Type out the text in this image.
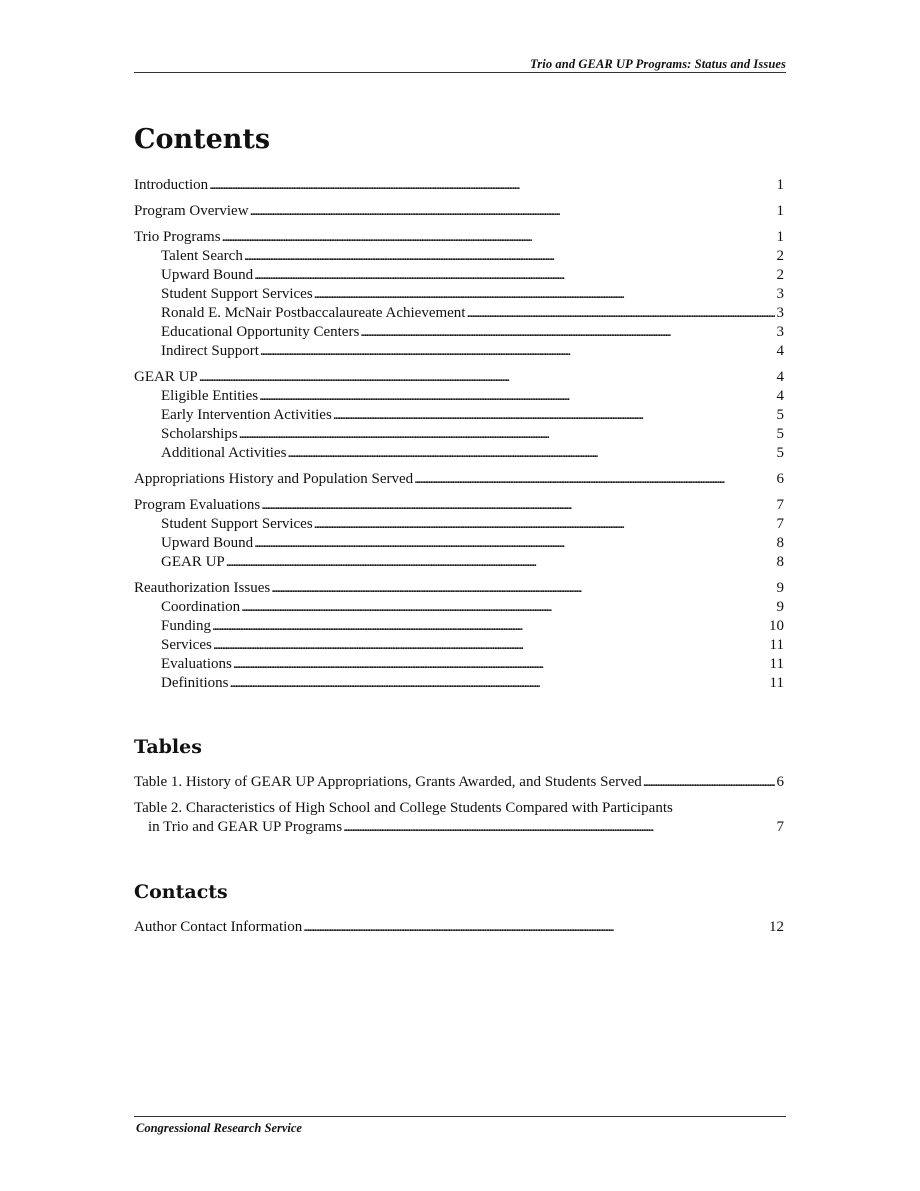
Trio and GEAR UP Programs: Status and Issues
Contents
Introduction . . .	1
Program Overview . . .	1
Trio Programs . . .	1
Talent Search . . .	2
Upward Bound . . .	2
Student Support Services . . .	3
Ronald E. McNair Postbaccalaureate Achievement . . .	3
Educational Opportunity Centers . . .	3
Indirect Support . . .	4
GEAR UP . . .	4
Eligible Entities . . .	4
Early Intervention Activities . . .	5
Scholarships . . .	5
Additional Activities . . .	5
Appropriations History and Population Served . . .	6
Program Evaluations . . .	7
Student Support Services . . .	7
Upward Bound . . .	8
GEAR UP . . .	8
Reauthorization Issues . . .	9
Coordination . . .	9
Funding . . .	10
Services . . .	11
Evaluations . . .	11
Definitions . . .	11
Tables
Table 1. History of GEAR UP Appropriations, Grants Awarded, and Students Served . . .	6
Table 2. Characteristics of High School and College Students Compared with Participants
in Trio and GEAR UP Programs . . .	7
Contacts
Author Contact Information . . .	12
Congressional Research Service
